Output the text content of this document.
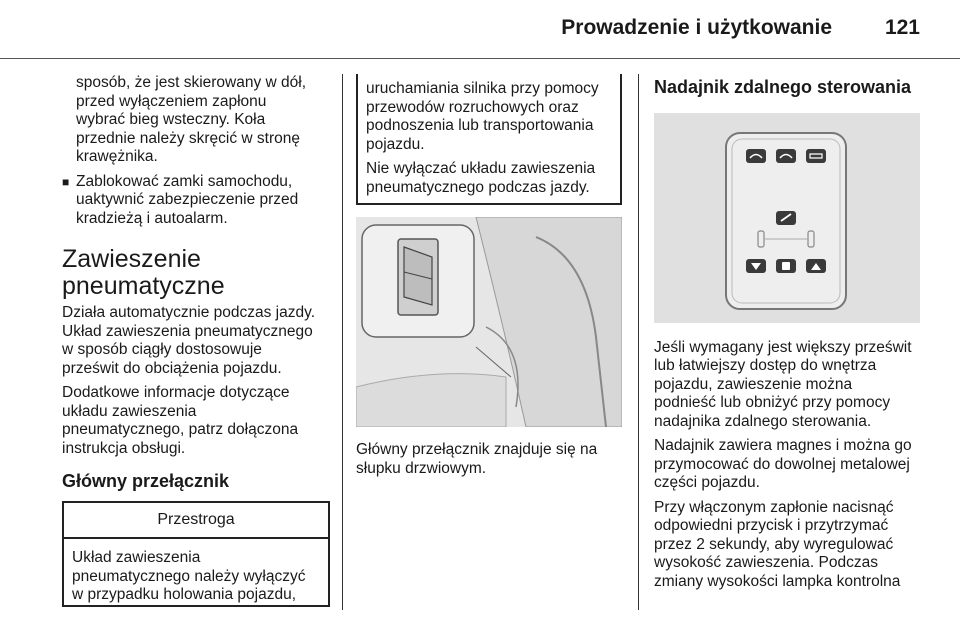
Prowadzenie i użytkowanie	121
sposób, że jest skierowany w dół,
przed wyłączeniem zapłonu
wybrać bieg wsteczny. Koła
przednie należy skręcić w stronę
krawężnika.
■ Zablokować zamki samochodu,
uaktywnić zabezpieczenie przed
kradzieżą i autoalarm.
Zawieszenie
pneumatyczne

Działa automatycznie podczas jazdy.
Układ zawieszenia pneumatycznego
w sposób ciągły dostosowuje
prześwit do obciążenia pojazdu.

Dodatkowe informacje dotyczące
układu zawieszenia
pneumatycznego, patrz dołączona
instrukcja obsługi.

Główny przełącznik
Przestroga
Układ zawieszenia
pneumatycznego należy wyłączyć
w przypadku holowania pojazdu,
uruchamiania silnika przy pomocy
przewodów rozruchowych oraz
podnoszenia lub transportowania
pojazdu.
Nie wyłączać układu zawieszenia
pneumatycznego podczas jazdy.
Główny przełącznik znajduje się na
słupku drzwiowym.
Nadajnik zdalnego sterowania

Jeśli wymagany jest większy prześwit
lub łatwiejszy dostęp do wnętrza
pojazdu, zawieszenie można
podnieść lub obniżyć przy pomocy
nadajnika zdalnego sterowania.

Nadajnik zawiera magnes i można go
przymocować do dowolnej metalowej
części pojazdu.

Przy włączonym zapłonie nacisnąć
odpowiedni przycisk i przytrzymać
przez 2 sekundy, aby wyregulować
wysokość zawieszenia. Podczas
zmiany wysokości lampka kontrolna
